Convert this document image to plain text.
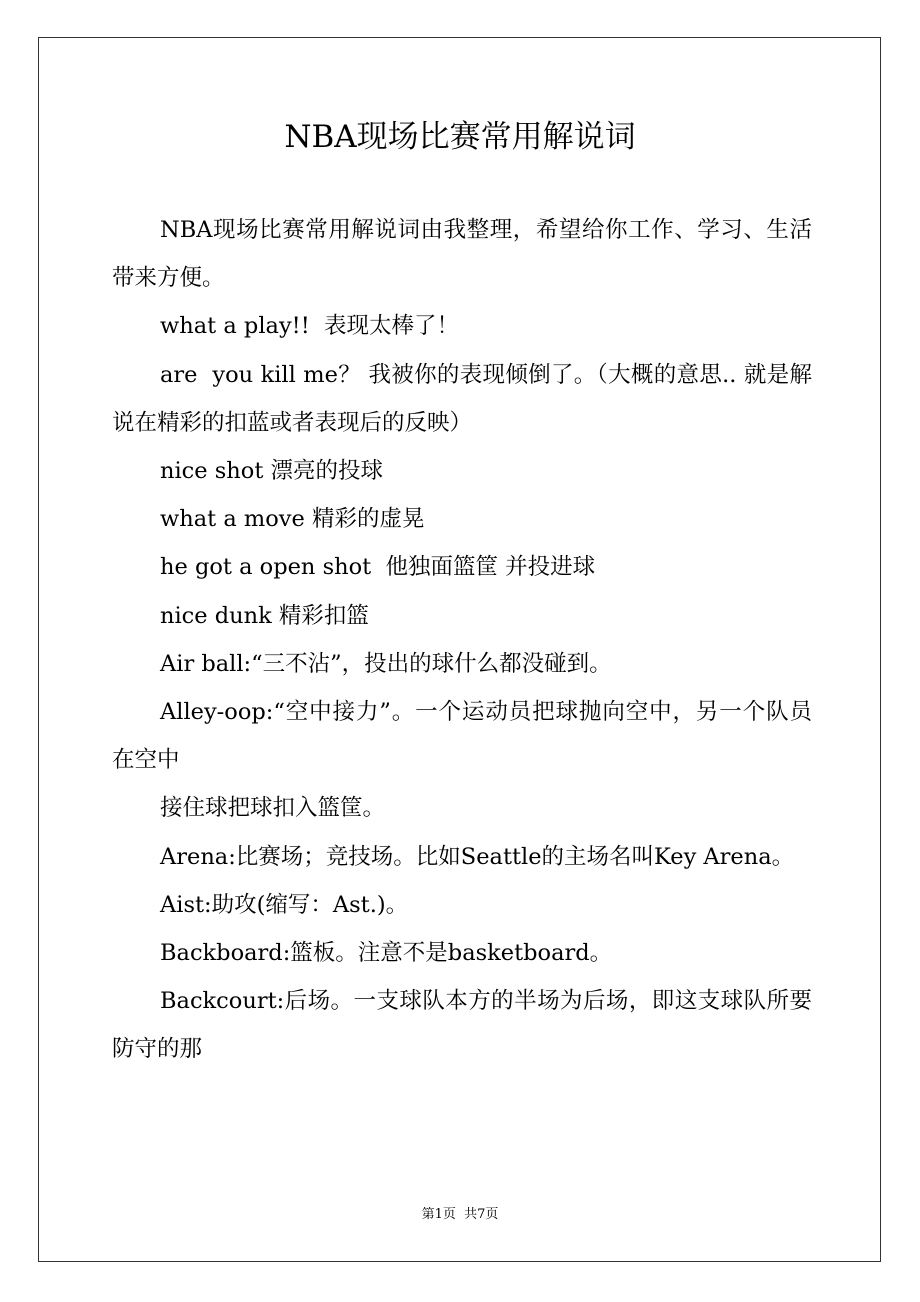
NBA现场比赛常用解说词

NBA现场比赛常用解说词由我整理，希望给你工作、学习、生活带来方便。

what a play!!  表现太棒了！

are  you kill me？ 我被你的表现倾倒了。（大概的意思.. 就是解说在精彩的扣蓝或者表现后的反映）

nice shot 漂亮的投球

what a move 精彩的虚晃

he got a open shot  他独面篮筐 并投进球

nice dunk 精彩扣篮

Air ball:“三不沾”，投出的球什么都没碰到。

Alley-oop:“空中接力”。一个运动员把球抛向空中，另一个队员在空中

接住球把球扣入篮筐。

Arena:比赛场；竞技场。比如Seattle的主场名叫Key Arena。

Aist:助攻(缩写：Ast.)。

Backboard:篮板。注意不是basketboard。

Backcourt:后场。一支球队本方的半场为后场，即这支球队所要防守的那

第1页  共7页
